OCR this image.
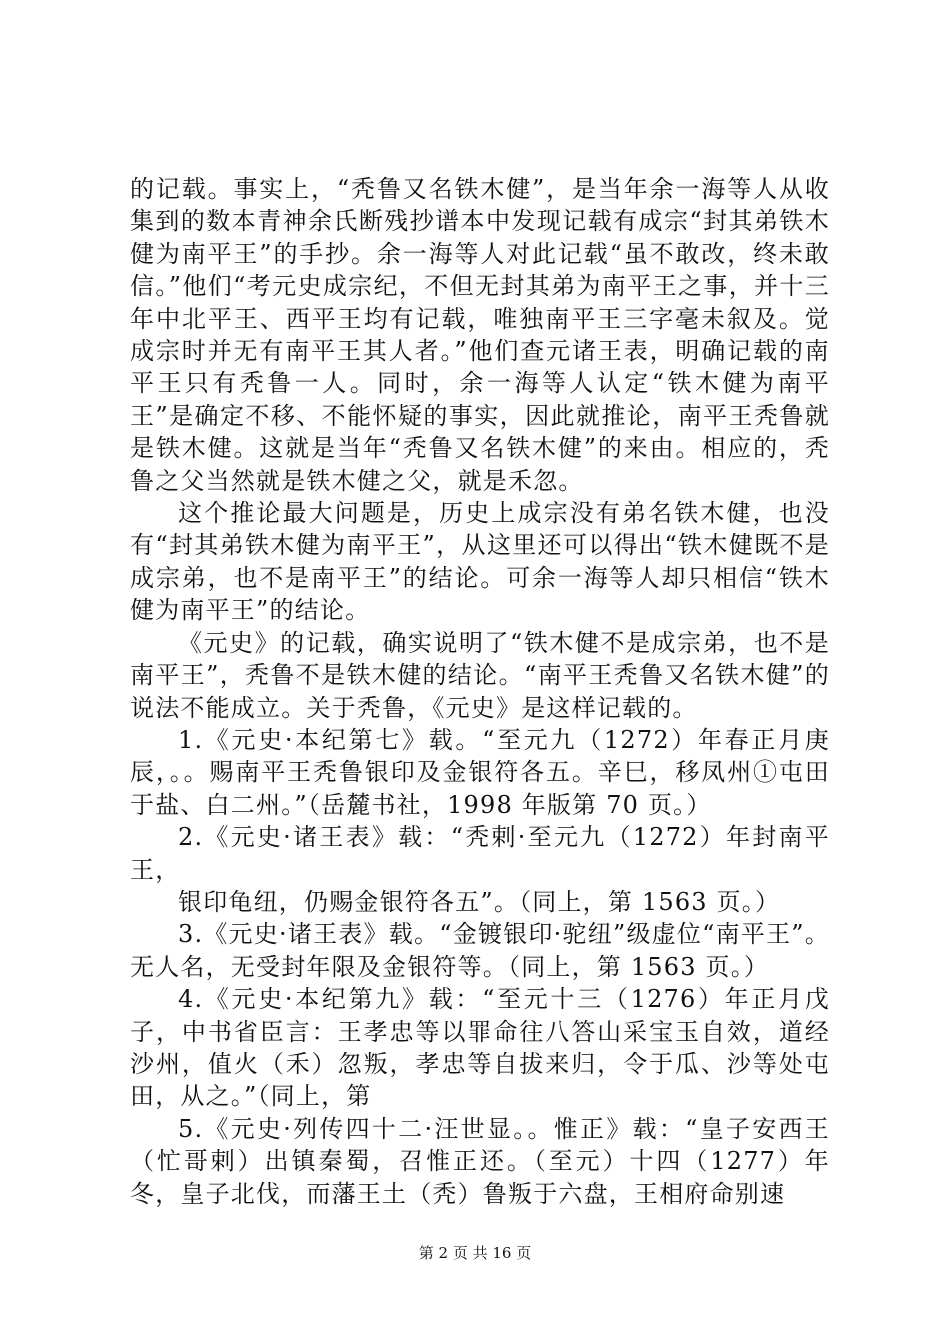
的记载。事实上，“秃鲁又名铁木健”，是当年余一海等人从收集到的数本青神余氏断残抄谱本中发现记载有成宗“封其弟铁木健为南平王”的手抄。余一海等人对此记载“虽不敢改，终未敢信。”他们“考元史成宗纪，不但无封其弟为南平王之事，并十三年中北平王、西平王均有记载，唯独南平王三字毫未叙及。觉成宗时并无有南平王其人者。”他们查元诸王表，明确记载的南平王只有秃鲁一人。同时，余一海等人认定“铁木健为南平王”是确定不移、不能怀疑的事实，因此就推论，南平王秃鲁就是铁木健。这就是当年“秃鲁又名铁木健”的来由。相应的，秃鲁之父当然就是铁木健之父，就是禾忽。

这个推论最大问题是，历史上成宗没有弟名铁木健，也没有“封其弟铁木健为南平王”，从这里还可以得出“铁木健既不是成宗弟，也不是南平王”的结论。可余一海等人却只相信“铁木健为南平王”的结论。

《元史》的记载，确实说明了“铁木健不是成宗弟，也不是南平王”，秃鲁不是铁木健的结论。“南平王秃鲁又名铁木健”的说法不能成立。关于秃鲁，《元史》是这样记载的。

1.《元史·本纪第七》载。“至元九（1272）年春正月庚辰，。。赐南平王秃鲁银印及金银符各五。辛巳，移凤州①屯田于盐、白二州。”（岳麓书社，1998 年版第 70 页。）

2.《元史·诸王表》载：“秃剌·至元九（1272）年封南平王，

银印龟纽，仍赐金银符各五”。（同上，第 1563 页。）

3.《元史·诸王表》载。“金镀银印·驼纽”级虚位“南平王”。无人名，无受封年限及金银符等。（同上，第 1563 页。）

4.《元史·本纪第九》载：“至元十三（1276）年正月戊子，中书省臣言：王孝忠等以罪命往八答山采宝玉自效，道经沙州，值火（禾）忽叛，孝忠等自拔来归，令于瓜、沙等处屯田，从之。”（同上，第

5.《元史·列传四十二·汪世显。。惟正》载：“皇子安西王（忙哥剌）出镇秦蜀，召惟正还。（至元）十四（1277）年冬，皇子北伐，而藩王土（秃）鲁叛于六盘，王相府命别速

第 2 页 共 16 页
